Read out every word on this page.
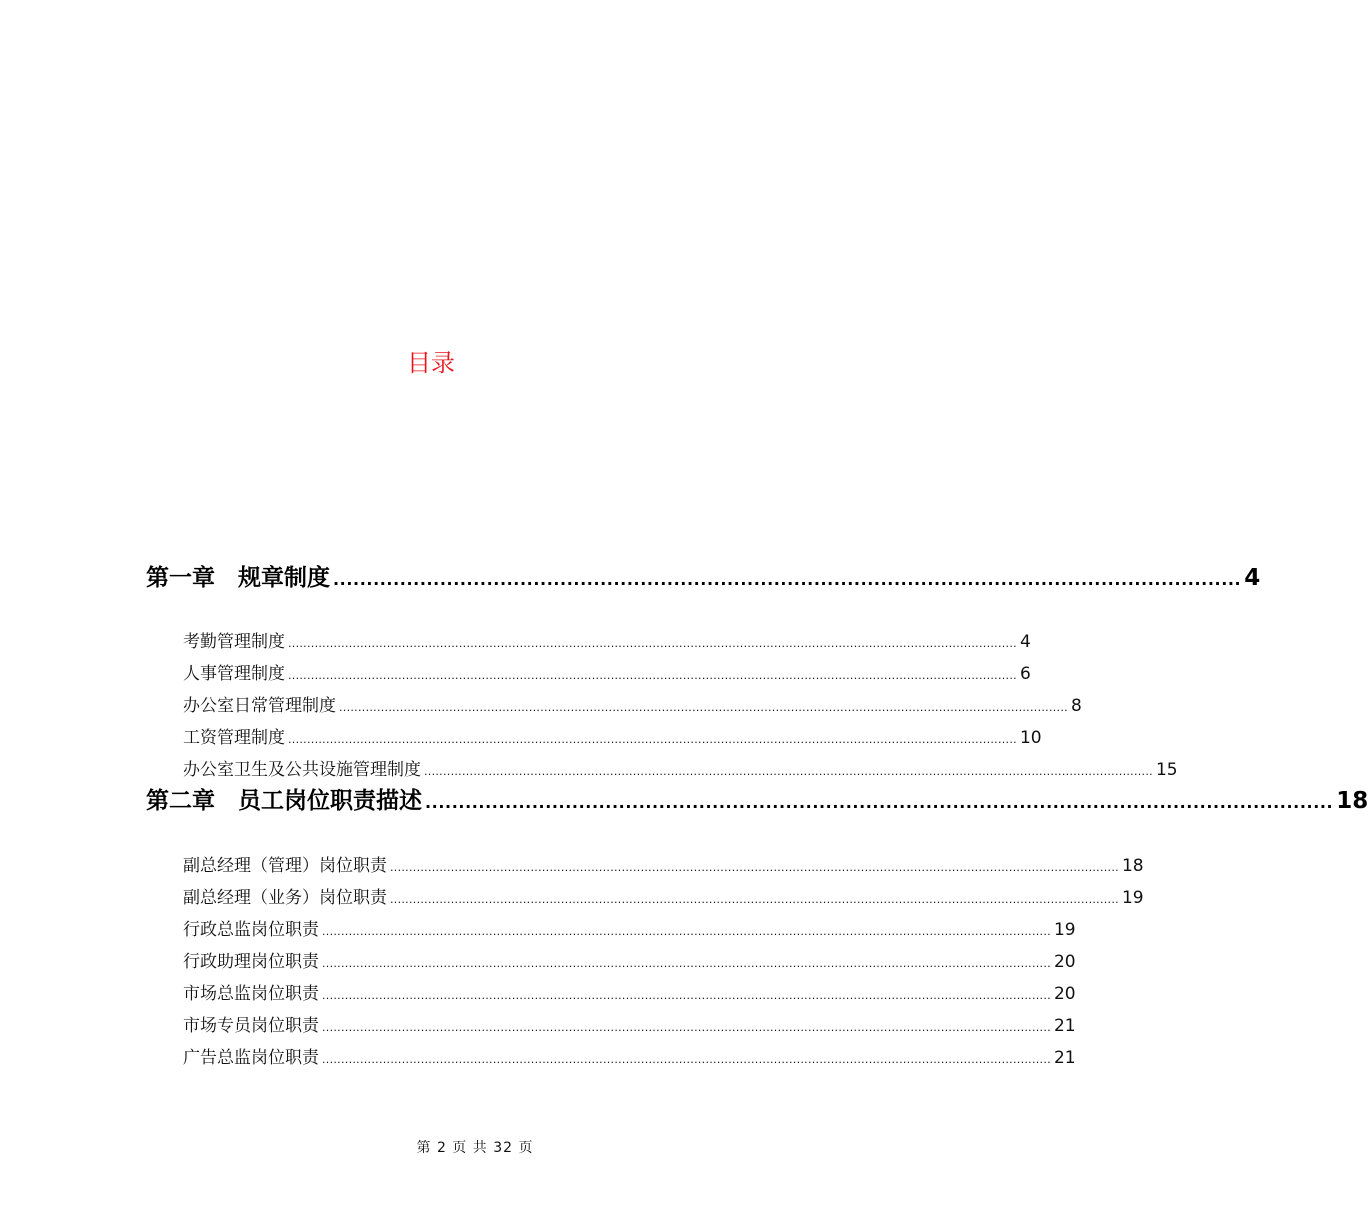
目录
第一章　规章制度 ........................................................................................................................................ 4
考勤管理制度 ................................................................................................................................................................................................ 4
人事管理制度 ................................................................................................................................................................................................ 6
办公室日常管理制度 ................................................................................................................................................................................................ 8
工资管理制度 ................................................................................................................................................................................................ 10
办公室卫生及公共设施管理制度 ................................................................................................................................................................................................ 15
第二章　员工岗位职责描述 ........................................................................................................................................ 18
副总经理（管理）岗位职责 ................................................................................................................................................................................................ 18
副总经理（业务）岗位职责 ................................................................................................................................................................................................ 19
行政总监岗位职责 ................................................................................................................................................................................................ 19
行政助理岗位职责 ................................................................................................................................................................................................ 20
市场总监岗位职责 ................................................................................................................................................................................................ 20
市场专员岗位职责 ................................................................................................................................................................................................ 21
广告总监岗位职责 ................................................................................................................................................................................................ 21
第 2 页 共 32 页
